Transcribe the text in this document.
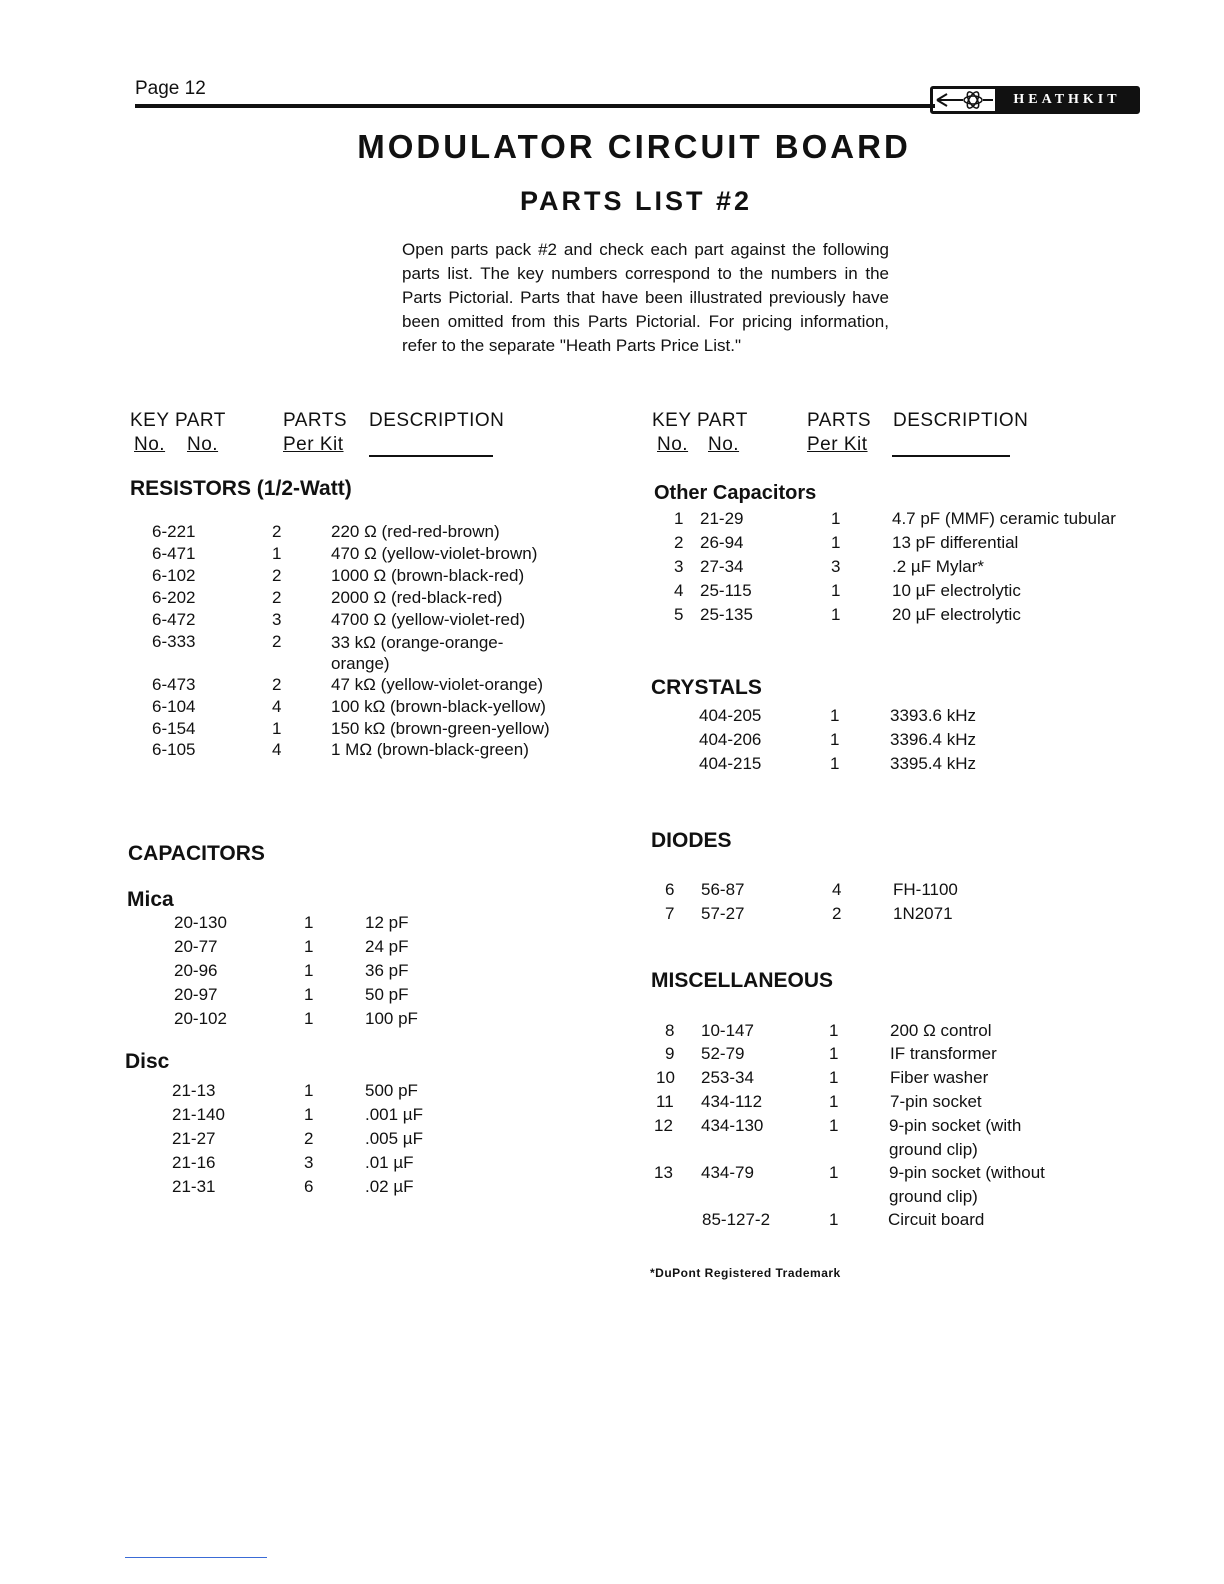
Page 12
HEATHKIT
MODULATOR CIRCUIT BOARD
PARTS LIST #2
Open parts pack #2 and check each part against the following parts list. The key numbers correspond to the numbers in the Parts Pictorial. Parts that have been illustrated previously have been omitted from this Parts Pictorial. For pricing information, refer to the separate "Heath Parts Price List."
KEY PART	PARTS DESCRIPTION
No. No.	Per Kit
KEY PART	PARTS DESCRIPTION
No. No.	Per Kit
RESISTORS (1/2-Watt)
6-221	2	220 Ω (red-red-brown)
6-471	1	470 Ω (yellow-violet-brown)
6-102	2	1000 Ω (brown-black-red)
6-202	2	2000 Ω (red-black-red)
6-472	3	4700 Ω (yellow-violet-red)
6-333	2	33 kΩ (orange-orange-orange)
6-473	2	47 kΩ (yellow-violet-orange)
6-104	4	100 kΩ (brown-black-yellow)
6-154	1	150 kΩ (brown-green-yellow)
6-105	4	1 MΩ (brown-black-green)
CAPACITORS
Mica
20-130	1	12 pF
20-77	1	24 pF
20-96	1	36 pF
20-97	1	50 pF
20-102	1	100 pF
Disc
21-13	1	500 pF
21-140	1	.001 µF
21-27	2	.005 µF
21-16	3	.01 µF
21-31	6	.02 µF
Other Capacitors
1 21-29	1	4.7 pF (MMF) ceramic tubular
2 26-94	1	13 pF differential
3 27-34	3	.2 µF Mylar*
4 25-115	1	10 µF electrolytic
5 25-135	1	20 µF electrolytic
CRYSTALS
404-205	1	3393.6 kHz
404-206	1	3396.4 kHz
404-215	1	3395.4 kHz
DIODES
6 56-87	4	FH-1100
7 57-27	2	1N2071
MISCELLANEOUS
8 10-147	1	200 Ω control
9 52-79	1	IF transformer
10 253-34	1	Fiber washer
11 434-112	1	7-pin socket
12 434-130	1	9-pin socket (with ground clip)
13 434-79	1	9-pin socket (without ground clip)
85-127-2	1	Circuit board
*DuPont Registered Trademark
